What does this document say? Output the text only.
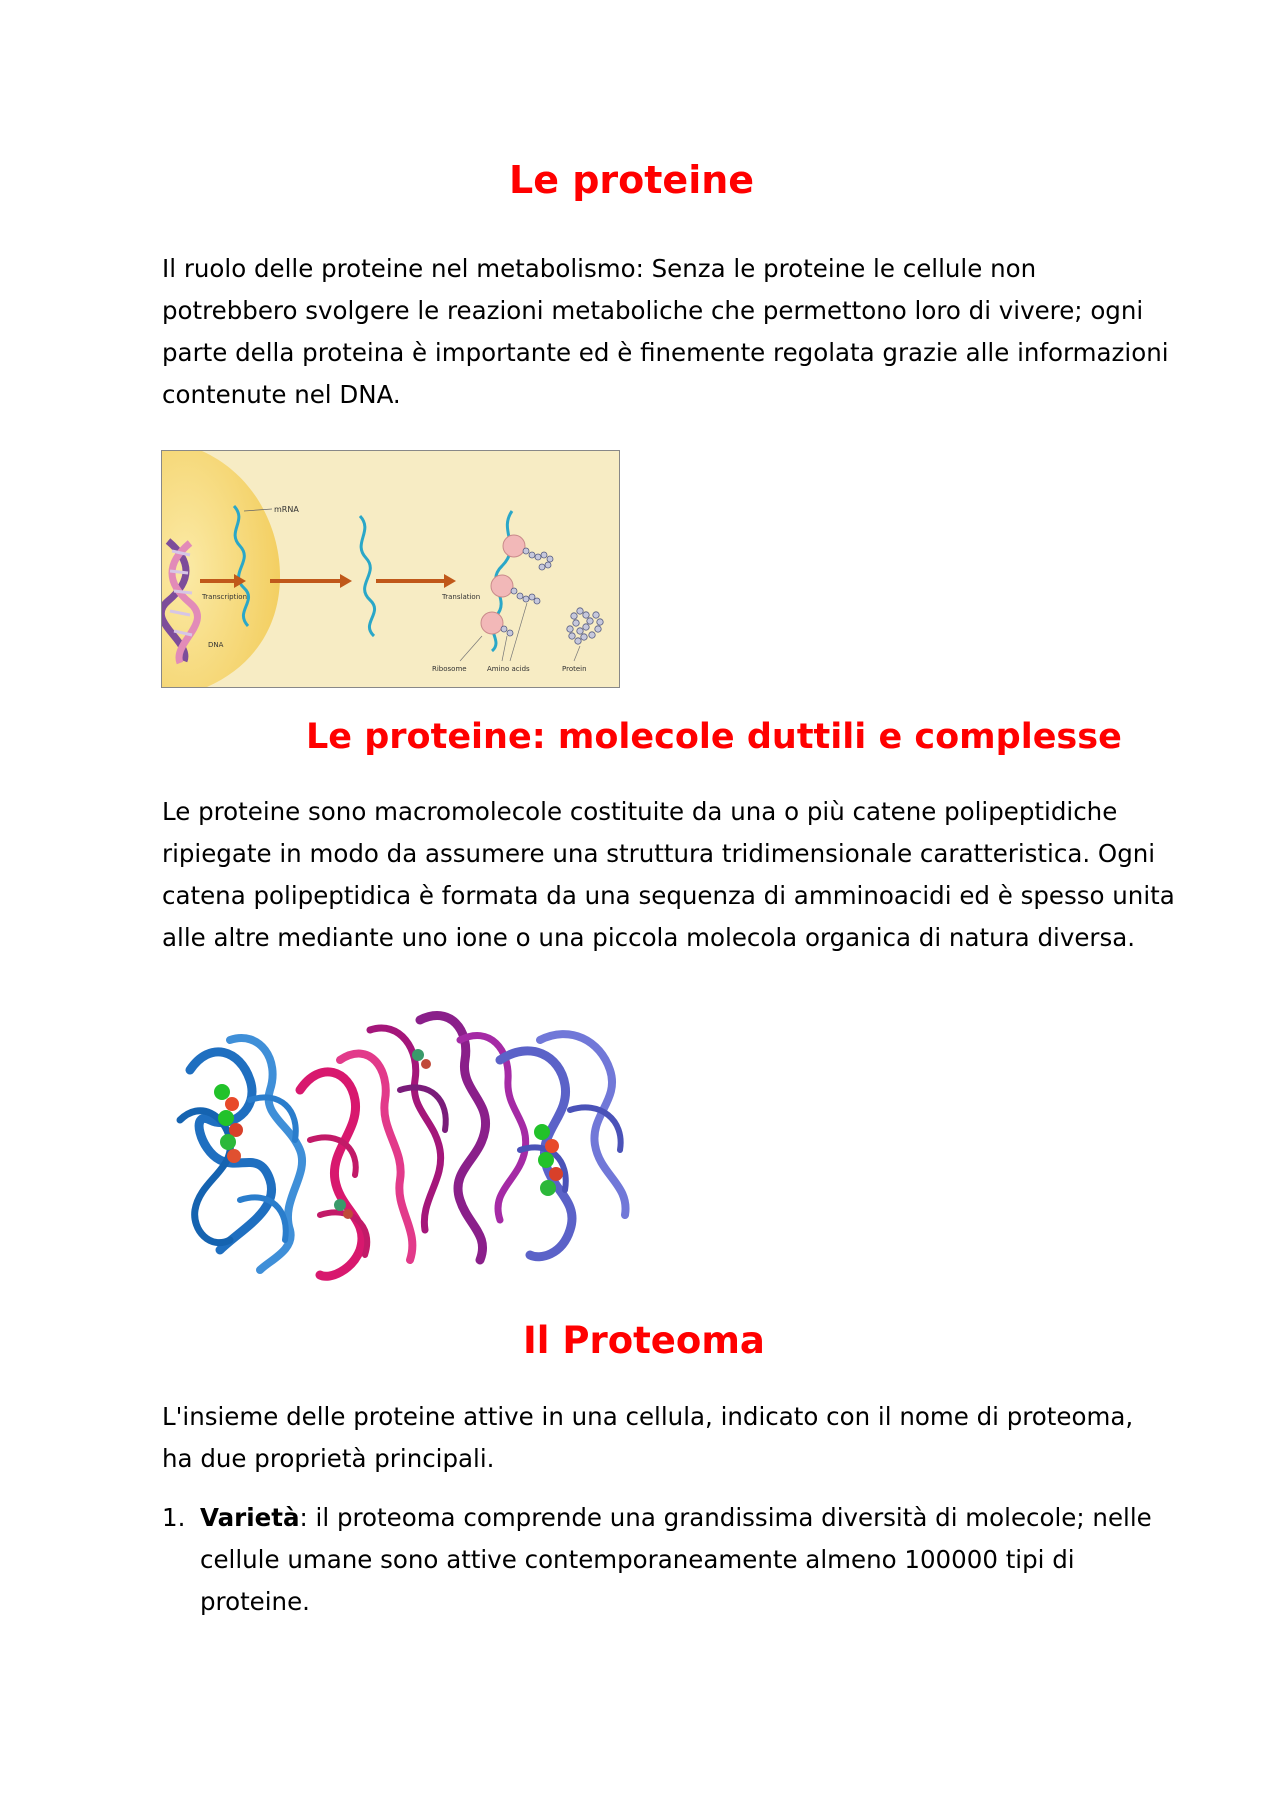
Le proteine

Il ruolo delle proteine nel metabolismo: Senza le proteine le cellule non
potrebbero svolgere le reazioni metaboliche che permettono loro di vivere; ogni
parte della proteina è importante ed è finemente regolata grazie alle informazioni
contenute nel DNA.

mRNA
Transcription
DNA
Translation
Ribosome	Amino acids	Protein
Le proteine: molecole duttili e complesse

Le proteine sono macromolecole costituite da una o più catene polipeptidiche
ripiegate in modo da assumere una struttura tridimensionale caratteristica. Ogni
catena polipeptidica è formata da una sequenza di amminoacidi ed è spesso unita
alle altre mediante uno ione o una piccola molecola organica di natura diversa.

Il Proteoma

L'insieme delle proteine attive in una cellula, indicato con il nome di proteoma,
ha due proprietà principali.

1. Varietà: il proteoma comprende una grandissima diversità di molecole; nelle
cellule umane sono attive contemporaneamente almeno 100000 tipi di
proteine.
